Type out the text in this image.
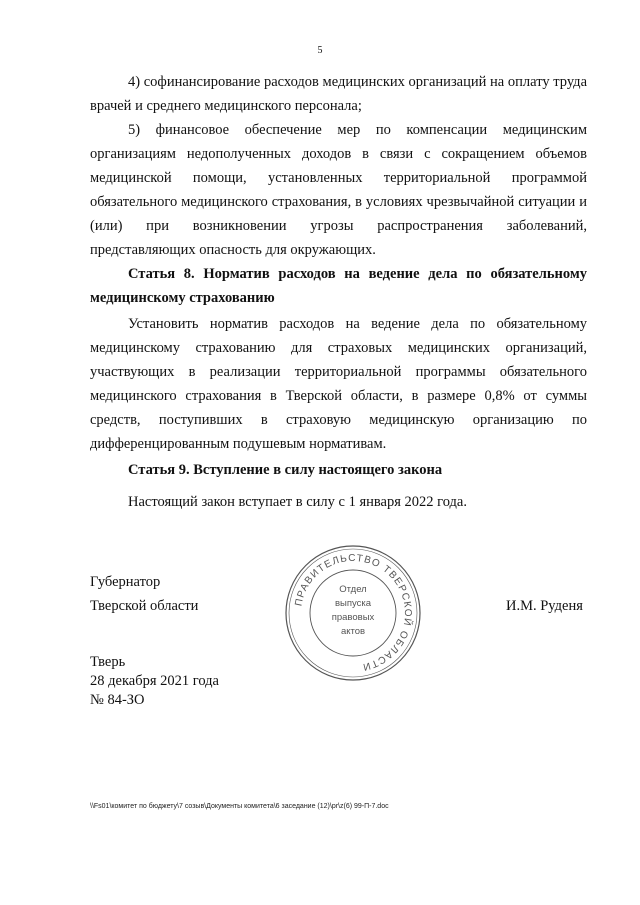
5

4) софинансирование расходов медицинских организаций на оплату труда врачей и среднего медицинского персонала;

5) финансовое обеспечение мер по компенсации медицинским организациям недополученных доходов в связи с сокращением объемов медицинской помощи, установленных территориальной программой обязательного медицинского страхования, в условиях чрезвычайной ситуации и (или) при возникновении угрозы распространения заболеваний, представляющих опасность для окружающих.

Статья 8. Норматив расходов на ведение дела по обязательному медицинскому страхованию

Установить норматив расходов на ведение дела по обязательному медицинскому страхованию для страховых медицинских организаций, участвующих в реализации территориальной программы обязательного медицинского страхования в Тверской области, в размере 0,8% от суммы средств, поступивших в страховую медицинскую организацию по дифференцированным подушевым нормативам.

Статья 9. Вступление в силу настоящего закона

Настоящий закон вступает в силу с 1 января 2022 года.

Губернатор
Тверской области	ПРАВИТЕЛЬСТВО ТВЕРСКОЙ ОБЛАСТИ
Отдел
выпуска
правовых
актов
И.М. Руденя
Тверь
28 декабря 2021 года
№ 84-ЗО
\\Fs01\комитет по бюджету\7 созыв\Документы комитета\6 заседание (12)\pr\z(6) 99-П-7.doc
